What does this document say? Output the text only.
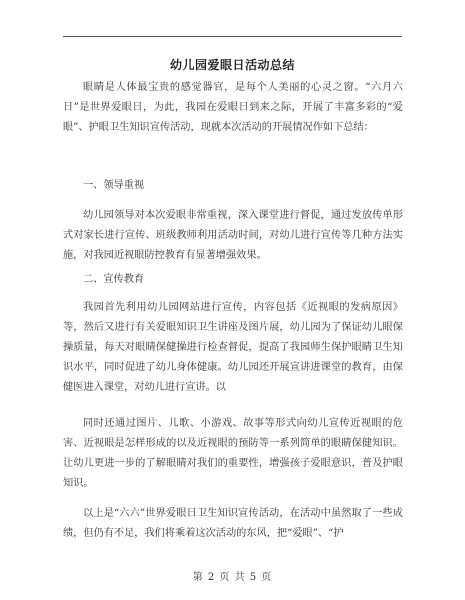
幼儿园爱眼日活动总结

眼睛是人体最宝贵的感觉器官，是每个人美丽的心灵之窗。“六月六日”是世界爱眼日，为此，我园在爱眼日到来之际，开展了丰富多彩的“爱眼”、护眼卫生知识宣传活动，现就本次活动的开展情况作如下总结：

一、领导重视

幼儿园领导对本次爱眼非常重视，深入课堂进行督促，通过发放传单形式对家长进行宣传、班级教师利用活动时间，对幼儿进行宣传等几种方法实施，对我园近视眼防控教育有显著增强效果。

二、宣传教育

我园首先利用幼儿园网站进行宣传，内容包括《近视眼的发病原因》等，然后又进行有关爱眼知识卫生讲座及图片展，幼儿园为了保证幼儿眼保操质量，每天对眼睛保健操进行检查督促，提高了我园师生保护眼睛卫生知识水平，同时促进了幼儿身体健康。幼儿园还开展宣讲进课堂的教育，由保健医进入课堂，对幼儿进行宣讲。以

同时还通过图片、儿歌、小游戏、故事等形式向幼儿宣传近视眼的危害、近视眼是怎样形成的以及近视眼的预防等一系列简单的眼睛保健知识。让幼儿更进一步的了解眼睛对我们的重要性，增强孩子爱眼意识，普及护眼知识。

以上是“六六”世界爱眼日卫生知识宣传活动，在活动中虽然取了一些成绩，但仍有不足，我们将乘着这次活动的东风，把“爱眼”、“护

第 2 页 共 5 页
